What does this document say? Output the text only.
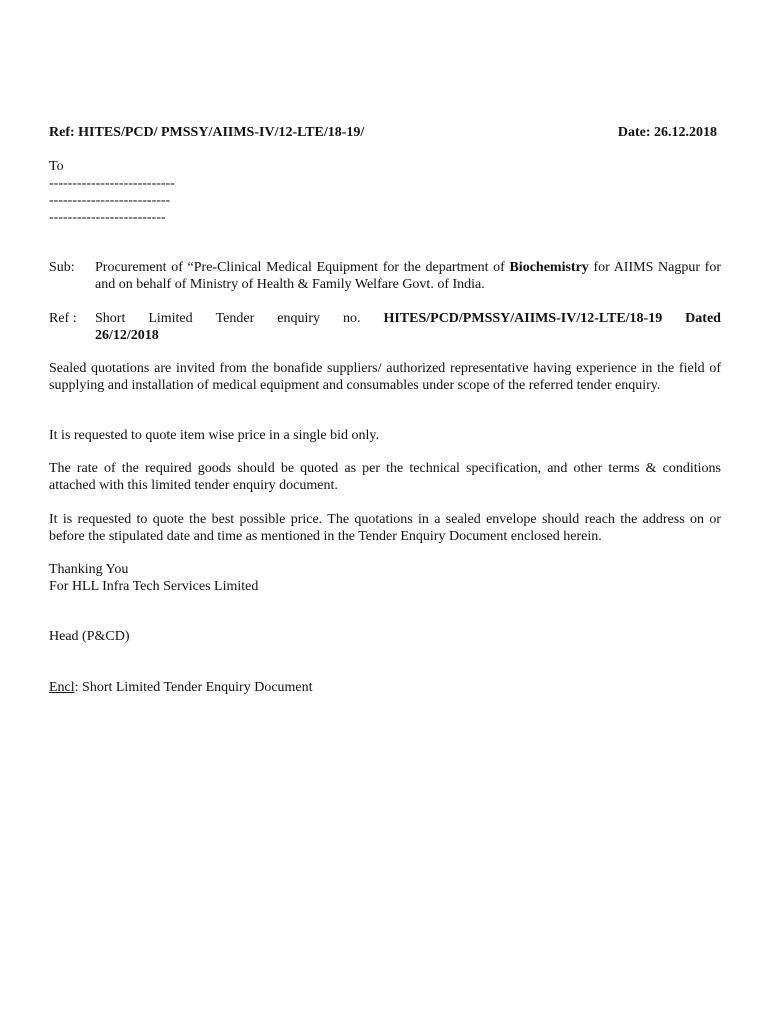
Ref: HITES/PCD/ PMSSY/AIIMS-IV/12-LTE/18-19/	Date: 26.12.2018
To
---------------------------
--------------------------
-------------------------
Sub:	Procurement of “Pre-Clinical Medical Equipment for the department of Biochemistry for AIIMS Nagpur for and on behalf of Ministry of Health & Family Welfare Govt. of India.
Ref :	Short Limited Tender enquiry no. HITES/PCD/PMSSY/AIIMS-IV/12-LTE/18-19 Dated
26/12/2018
Sealed quotations are invited from the bonafide suppliers/ authorized representative having experience in the field of supplying and installation of medical equipment and consumables under scope of the referred tender enquiry.
It is requested to quote item wise price in a single bid only.
The rate of the required goods should be quoted as per the technical specification, and other terms & conditions attached with this limited tender enquiry document.
It is requested to quote the best possible price. The quotations in a sealed envelope should reach the address on or before the stipulated date and time as mentioned in the Tender Enquiry Document enclosed herein.
Thanking You
For HLL Infra Tech Services Limited
Head (P&CD)
Encl: Short Limited Tender Enquiry Document
